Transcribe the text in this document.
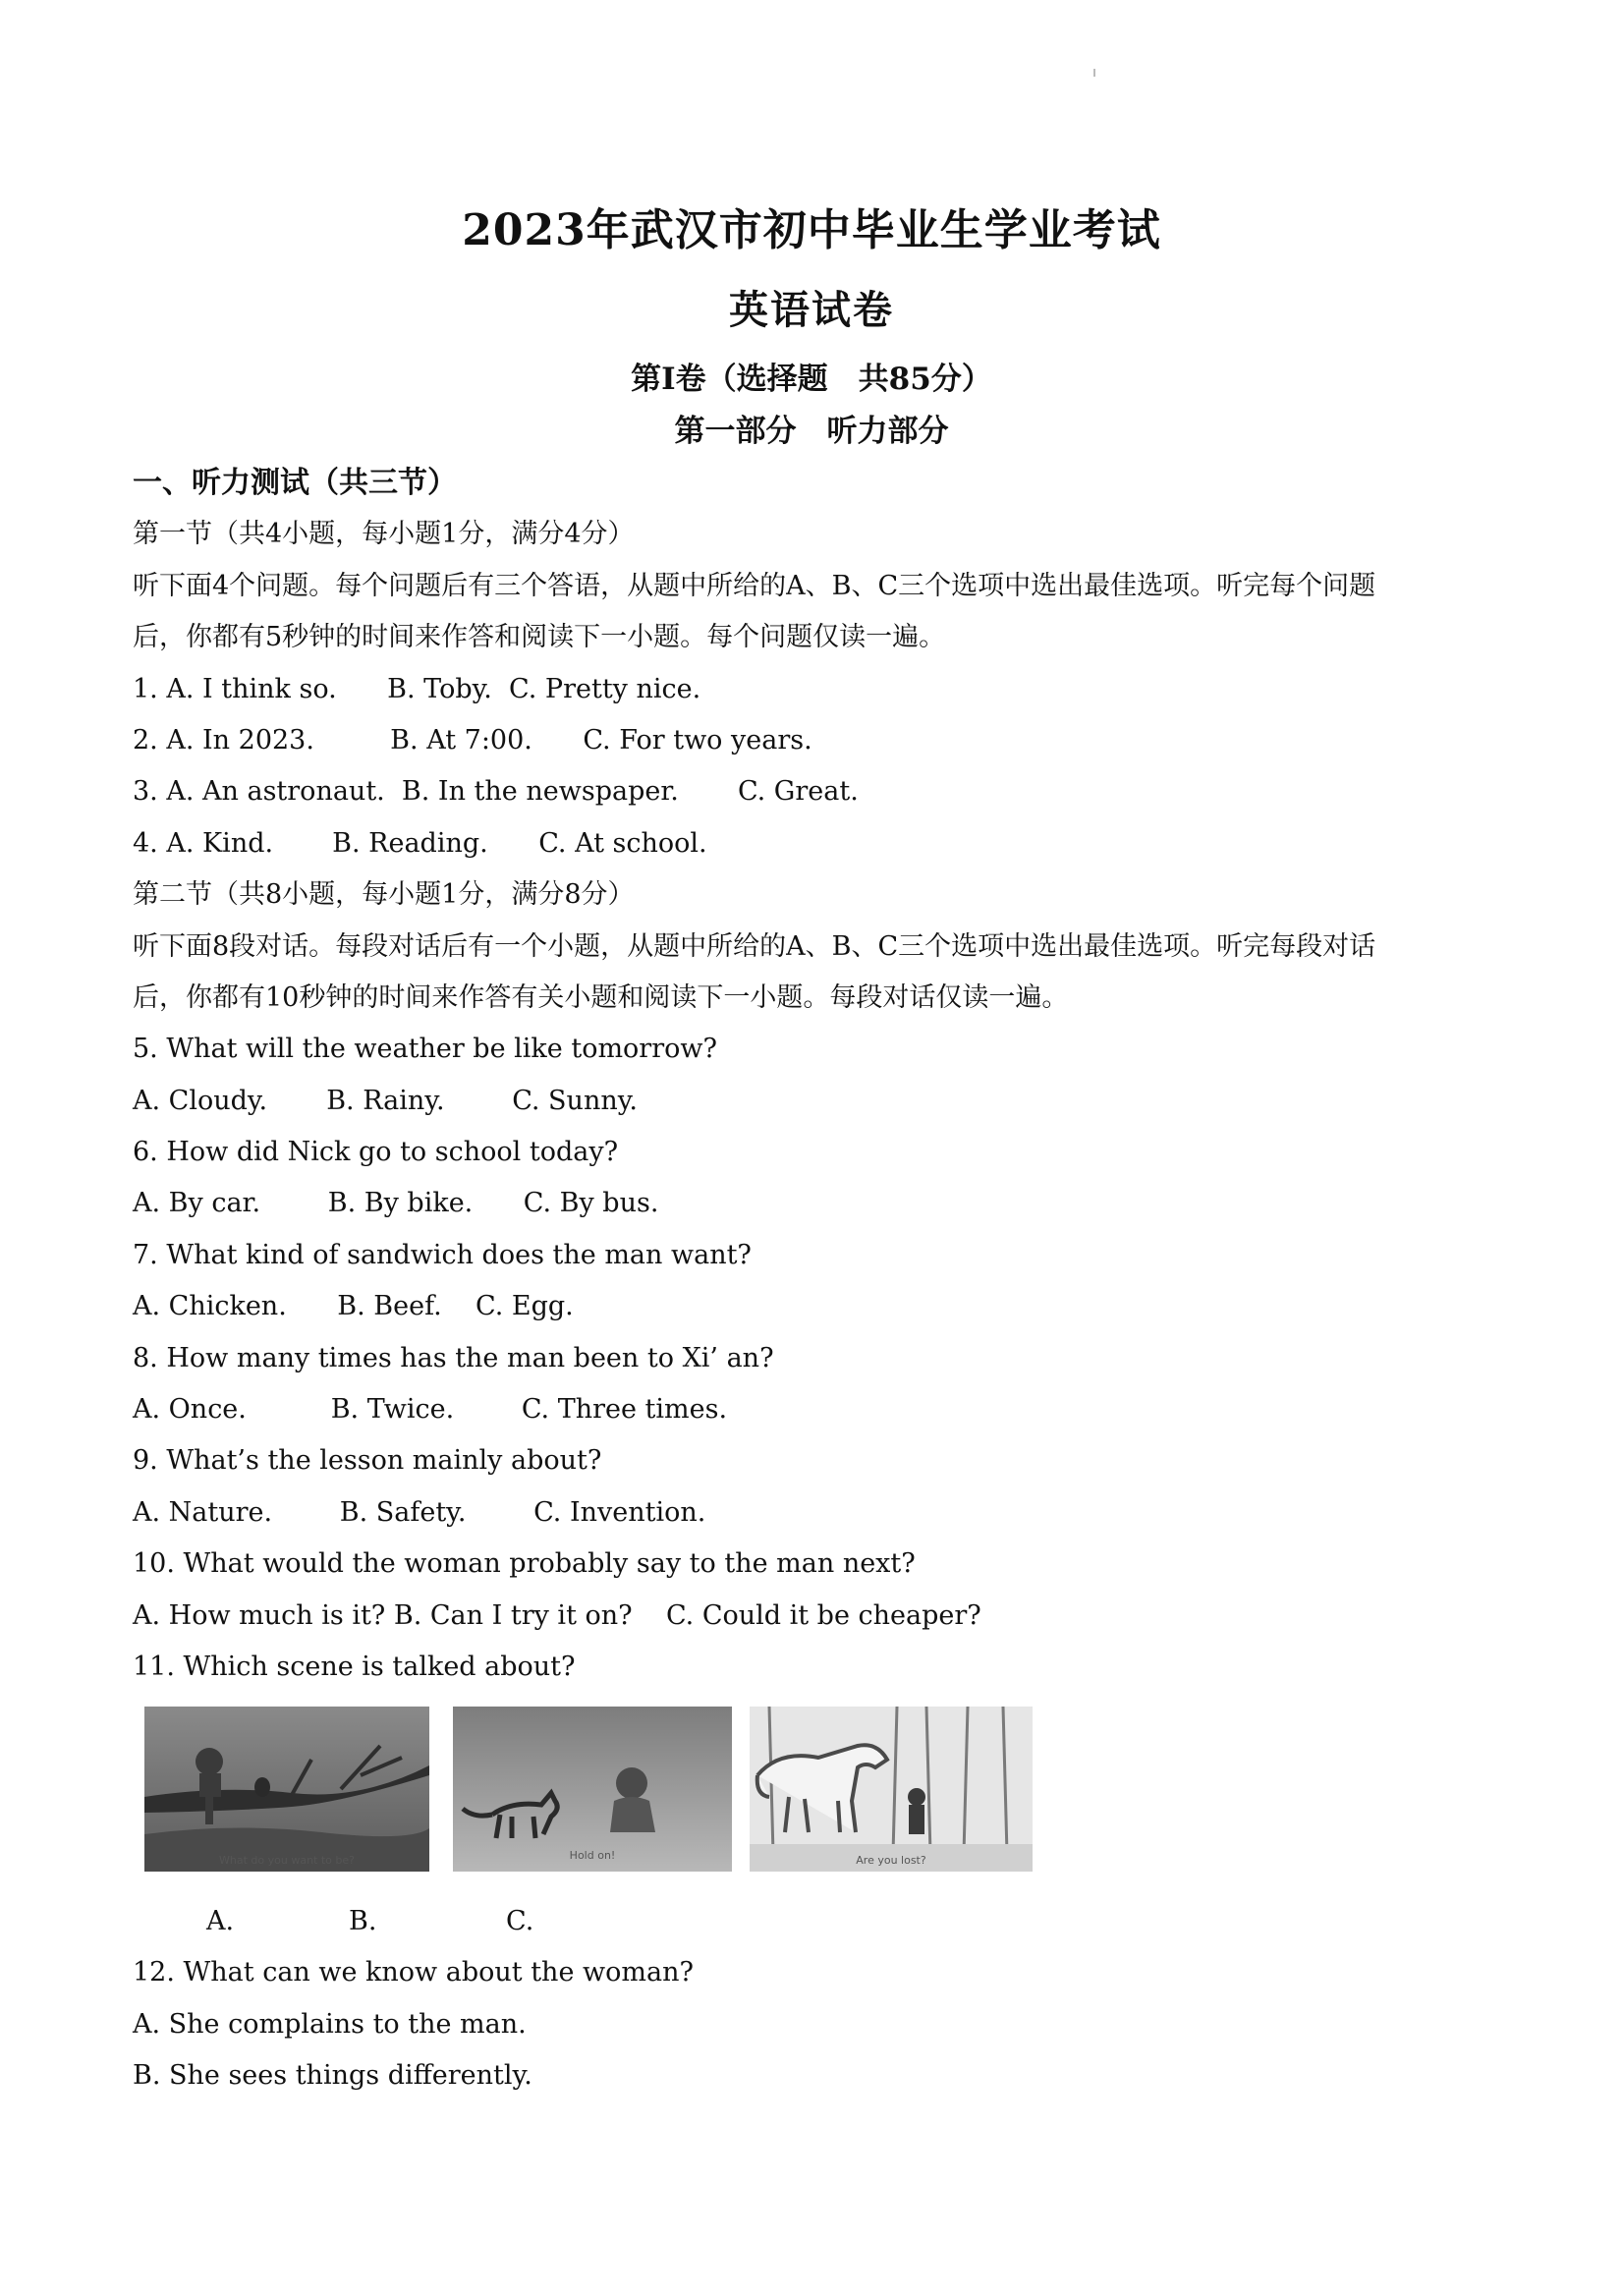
2023年武汉市初中毕业生学业考试
英语试卷
第Ⅰ卷（选择题　共85分）
第一部分　听力部分
一、听力测试（共三节）
第一节（共4小题，每小题1分，满分4分）
听下面4个问题。每个问题后有三个答语，从题中所给的A、B、C三个选项中选出最佳选项。听完每个问题
后，你都有5秒钟的时间来作答和阅读下一小题。每个问题仅读一遍。
1. A. I think so.      B. Toby.  C. Pretty nice.
2. A. In 2023.         B. At 7:00.      C. For two years.
3. A. An astronaut.  B. In the newspaper.       C. Great.
4. A. Kind.       B. Reading.      C. At school.
第二节（共8小题，每小题1分，满分8分）
听下面8段对话。每段对话后有一个小题，从题中所给的A、B、C三个选项中选出最佳选项。听完每段对话
后，你都有10秒钟的时间来作答有关小题和阅读下一小题。每段对话仅读一遍。
5. What will the weather be like tomorrow?
A. Cloudy.       B. Rainy.        C. Sunny.
6. How did Nick go to school today?
A. By car.        B. By bike.      C. By bus.
7. What kind of sandwich does the man want?
A. Chicken.      B. Beef.    C. Egg.
8. How many times has the man been to Xi’ an?
A. Once.          B. Twice.        C. Three times.
9. What’s the lesson mainly about?
A. Nature.        B. Safety.        C. Invention.
10. What would the woman probably say to the man next?
A. How much is it? B. Can I try it on?    C. Could it be cheaper?
11. Which scene is talked about?
What do you want to be?	Hold on!	Are you lost?
A.	B.	C.
12. What can we know about the woman?
A. She complains to the man.
B. She sees things differently.
